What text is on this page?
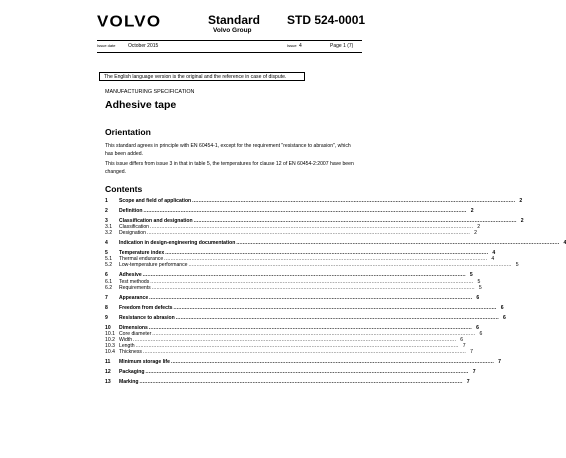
VOLVO	Standard
Volvo Group
STD 524-0001
Issue date	October 2015	Issue 4	Page 1 (7)
The English language version is the original and the reference in case of dispute.
MANUFACTURING SPECIFICATION
Adhesive tape
Orientation
This standard agrees in principle with EN 60454-1, except for the requirement "resistance to abrasion", which has been added.
This issue differs from issue 3 in that in table 5, the temperatures for clause 12 of EN 60454-2:2007 have been changed.
Contents
1	Scope and field of application ........................................................................................................................................................................................................ 2
2	Definition ........................................................................................................................................................................................................ 2
3	Classification and designation ........................................................................................................................................................................................................ 2
3.1	Classification ........................................................................................................................................................................................................ 2
3.2	Designation ........................................................................................................................................................................................................ 2
4	Indication in design-engineering documentation ........................................................................................................................................................................................................ 4
5	Temperature index ........................................................................................................................................................................................................ 4
5.1	Thermal endurance ........................................................................................................................................................................................................ 4
5.2	Low-temperature performance ........................................................................................................................................................................................................ 5
6	Adhesive ........................................................................................................................................................................................................ 5
6.1	Test methods ........................................................................................................................................................................................................ 5
6.2	Requirements ........................................................................................................................................................................................................ 5
7	Appearance ........................................................................................................................................................................................................ 6
8	Freedom from defects ........................................................................................................................................................................................................ 6
9	Resistance to abrasion ........................................................................................................................................................................................................ 6
10	Dimensions ........................................................................................................................................................................................................ 6
10.1 Core diameter ........................................................................................................................................................................................................ 6
10.2 Width ........................................................................................................................................................................................................ 6
10.3 Length ........................................................................................................................................................................................................ 7
10.4 Thickness ........................................................................................................................................................................................................ 7
11	Minimum storage life ........................................................................................................................................................................................................ 7
12	Packaging ........................................................................................................................................................................................................ 7
13	Marking ........................................................................................................................................................................................................ 7
